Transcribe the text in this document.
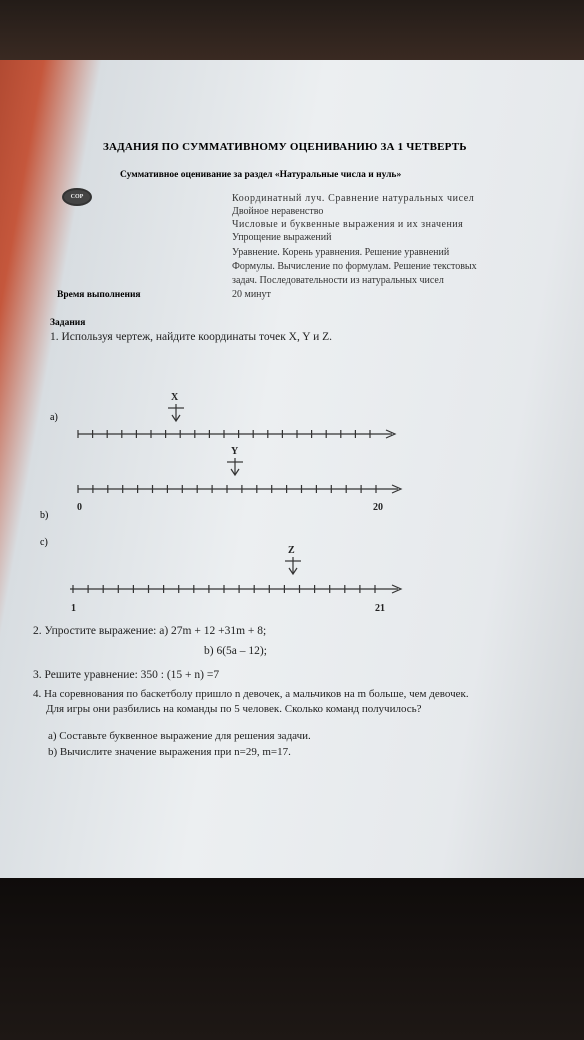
ЗАДАНИЯ ПО СУММАТИВНОМУ ОЦЕНИВАНИЮ ЗА 1 ЧЕТВЕРТЬ
Суммативное оценивание за раздел «Натуральные числа и нуль»
СОР	Координатный луч. Сравнение натуральных чисел
Двойное неравенство
Числовые и буквенные выражения и их значения
Упрощение выражений
Уравнение. Корень уравнения. Решение уравнений
Формулы. Вычисление по формулам. Решение текстовых
задач. Последовательности из натуральных чисел
Время выполнения	20 минут
Задания
1. Используя чертеж, найдите координаты точек X, Y и Z.
a)
b)
c)
X
Y
0	20
Z
1	21
2. Упростите выражение: а) 27m + 12 +31m + 8;
b) 6(5a – 12);
3. Решите уравнение: 350 : (15 + n) =7
4. На соревнования по баскетболу пришло n девочек, а мальчиков на m больше, чем девочек.
Для игры они разбились на команды по 5 человек. Сколько команд получилось?
а) Составьте буквенное выражение для решения задачи.
b) Вычислите значение выражения при n=29, m=17.
